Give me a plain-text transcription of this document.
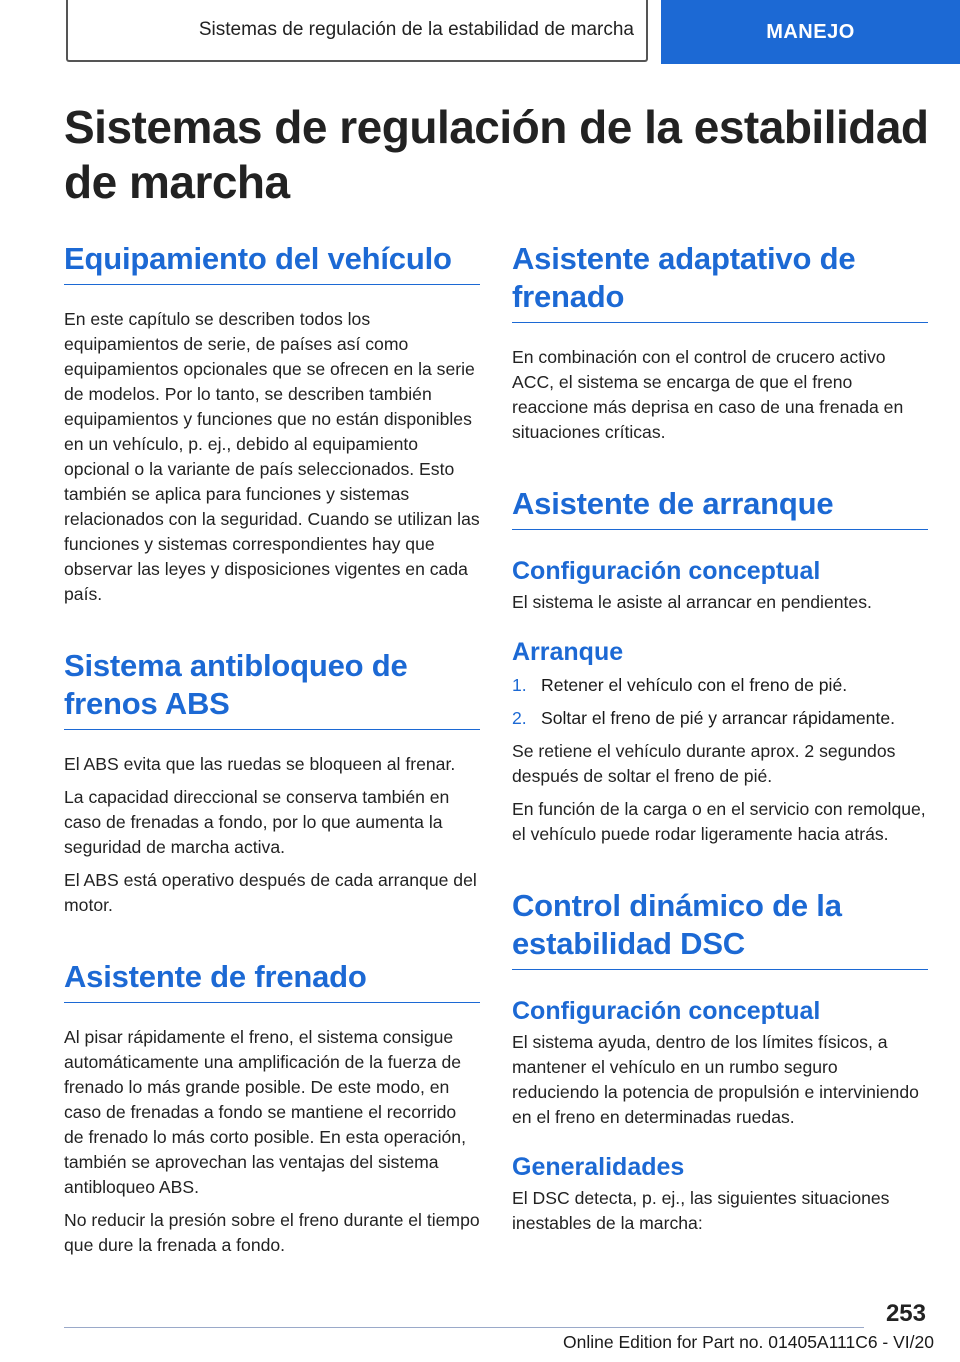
Sistemas de regulación de la estabilidad de marcha	MANEJO
Sistemas de regulación de la estabilidad de marcha
Equipamiento del vehículo

En este capítulo se describen todos los equipamientos de serie, de países así como equipamientos opcionales que se ofrecen en la serie de modelos. Por lo tanto, se describen también equipamientos y funciones que no están disponibles en un vehículo, p. ej., debido al equipamiento opcional o la variante de país seleccionados. Esto también se aplica para funciones y sistemas relacionados con la seguridad. Cuando se utilizan las funciones y sistemas correspondientes hay que observar las leyes y disposiciones vigentes en cada país.

Sistema antibloqueo de frenos ABS

El ABS evita que las ruedas se bloqueen al frenar.

La capacidad direccional se conserva también en caso de frenadas a fondo, por lo que aumenta la seguridad de marcha activa.

El ABS está operativo después de cada arranque del motor.

Asistente de frenado

Al pisar rápidamente el freno, el sistema consigue automáticamente una amplificación de la fuerza de frenado lo más grande posible. De este modo, en caso de frenadas a fondo se mantiene el recorrido de frenado lo más corto posible. En esta operación, también se aprovechan las ventajas del sistema antibloqueo ABS.

No reducir la presión sobre el freno durante el tiempo que dure la frenada a fondo.

Asistente adaptativo de frenado

En combinación con el control de crucero activo ACC, el sistema se encarga de que el freno reaccione más deprisa en caso de una frenada en situaciones críticas.

Asistente de arranque
Configuración conceptual

El sistema le asiste al arrancar en pendientes.

Arranque
1. Retener el vehículo con el freno de pié.
2. Soltar el freno de pié y arrancar rápidamente.

Se retiene el vehículo durante aprox. 2 segundos después de soltar el freno de pié.

En función de la carga o en el servicio con remolque, el vehículo puede rodar ligeramente hacia atrás.

Control dinámico de la estabilidad DSC
Configuración conceptual

El sistema ayuda, dentro de los límites físicos, a mantener el vehículo en un rumbo seguro reduciendo la potencia de propulsión e interviniendo en el freno en determinadas ruedas.

Generalidades

El DSC detecta, p. ej., las siguientes situaciones inestables de la marcha:

253
Online Edition for Part no. 01405A111C6 - VI/20
